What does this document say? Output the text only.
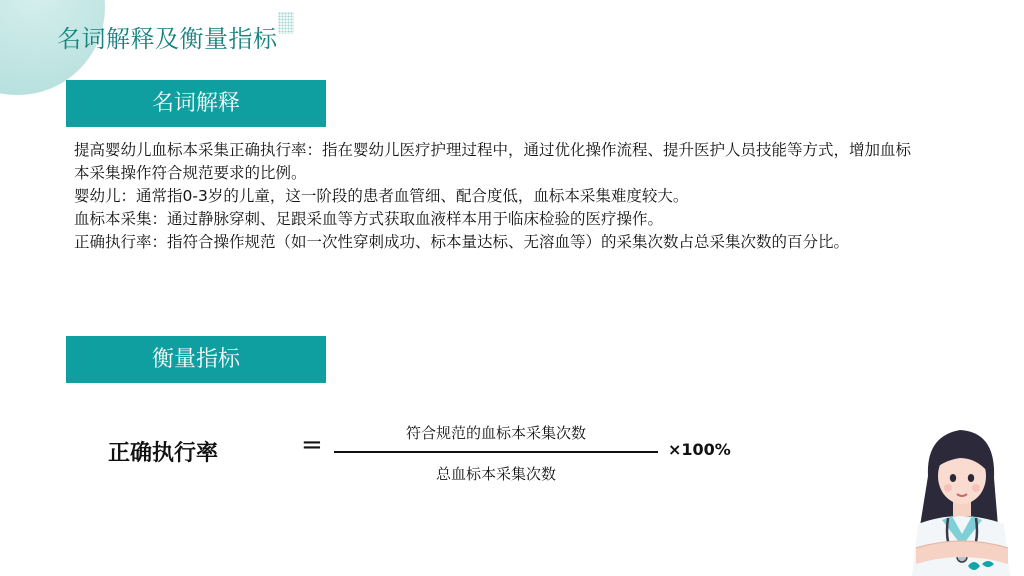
名词解释及衡量指标
名词解释

提高婴幼儿血标本采集正确执行率：指在婴幼儿医疗护理过程中，通过优化操作流程、提升医护人员技能等方式，增加血标本采集操作符合规范要求的比例。

婴幼儿：通常指0-3岁的儿童，这一阶段的患者血管细、配合度低，血标本采集难度较大。

血标本采集：通过静脉穿刺、足跟采血等方式获取血液样本用于临床检验的医疗操作。

正确执行率：指符合操作规范（如一次性穿刺成功、标本量达标、无溶血等）的采集次数占总采集次数的百分比。

衡量指标
正确执行率	=	符合规范的血标本采集次数
总血标本采集次数
×100%
